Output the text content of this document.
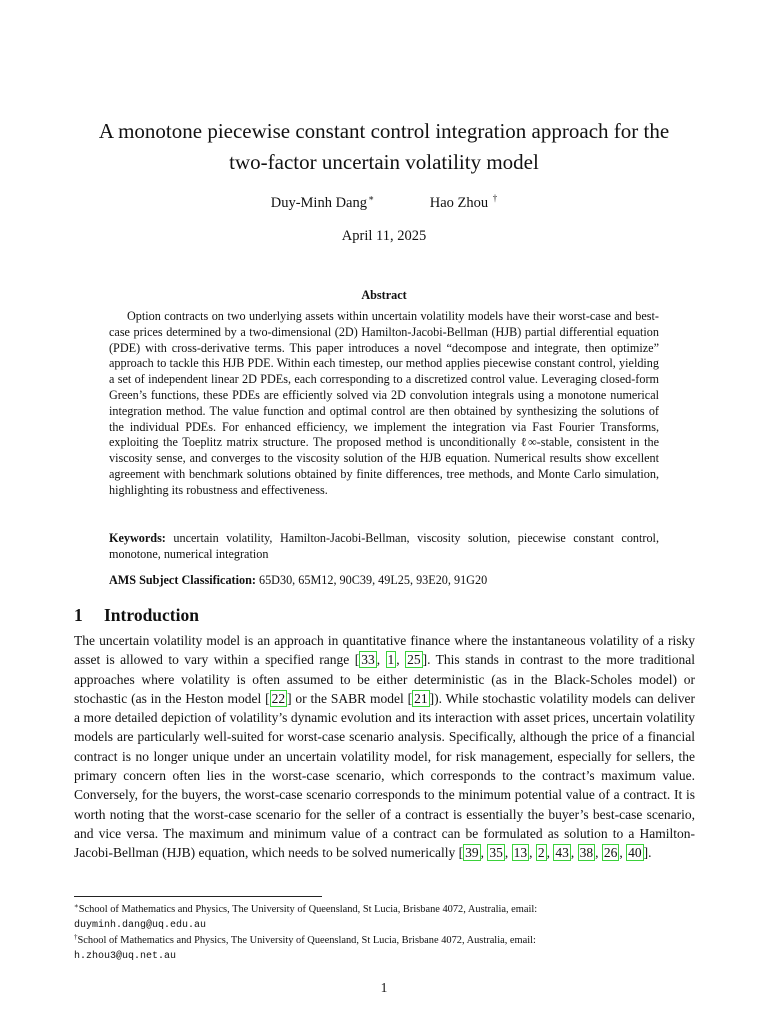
A monotone piecewise constant control integration approach for the
two-factor uncertain volatility model
Duy-Minh Dang∗	Hao Zhou †
April 11, 2025
Abstract

Option contracts on two underlying assets within uncertain volatility models have their worst-case and best-case prices determined by a two-dimensional (2D) Hamilton-Jacobi-Bellman (HJB) partial differential equation (PDE) with cross-derivative terms. This paper introduces a novel “decompose and integrate, then optimize” approach to tackle this HJB PDE. Within each timestep, our method applies piecewise constant control, yielding a set of independent linear 2D PDEs, each corresponding to a discretized control value. Leveraging closed-form Green’s functions, these PDEs are efficiently solved via 2D convolution integrals using a monotone numerical integration method. The value function and optimal control are then obtained by synthesizing the solutions of the individual PDEs. For enhanced efficiency, we implement the integration via Fast Fourier Transforms, exploiting the Toeplitz matrix structure. The proposed method is unconditionally ℓ∞-stable, consistent in the viscosity sense, and converges to the viscosity solution of the HJB equation. Numerical results show excellent agreement with benchmark solutions obtained by finite differences, tree methods, and Monte Carlo simulation, highlighting its robustness and effectiveness.

Keywords: uncertain volatility, Hamilton-Jacobi-Bellman, viscosity solution, piecewise constant control, monotone, numerical integration
AMS Subject Classification: 65D30, 65M12, 90C39, 49L25, 93E20, 91G20
1 Introduction

The uncertain volatility model is an approach in quantitative finance where the instantaneous volatility of a risky asset is allowed to vary within a specified range [ 33 , 1 , 25 ]. This stands in contrast to the more traditional approaches where volatility is often assumed to be either deterministic (as in the Black-Scholes model) or stochastic (as in the Heston model [ 22 ] or the SABR model [ 21 ]). While stochastic volatility models can deliver a more detailed depiction of volatility’s dynamic evolution and its interaction with asset prices, uncertain volatility models are particularly well-suited for worst-case scenario analysis. Specifically, although the price of a financial contract is no longer unique under an uncertain volatility model, for risk management, especially for sellers, the primary concern often lies in the worst-case scenario, which corresponds to the contract’s maximum value. Conversely, for the buyers, the worst-case scenario corresponds to the minimum potential value of a contract. It is worth noting that the worst-case scenario for the seller of a contract is essentially the buyer’s best-case scenario, and vice versa. The maximum and minimum value of a contract can be formulated as solution to a Hamilton-Jacobi-Bellman (HJB) equation, which needs to be solved numerically [ 39 , 35 , 13 , 2 , 43 , 38 , 26 , 40 ].

∗School of Mathematics and Physics, The University of Queensland, St Lucia, Brisbane 4072, Australia, email:
duyminh.dang@uq.edu.au
†School of Mathematics and Physics, The University of Queensland, St Lucia, Brisbane 4072, Australia, email:
h.zhou3@uq.net.au
1
